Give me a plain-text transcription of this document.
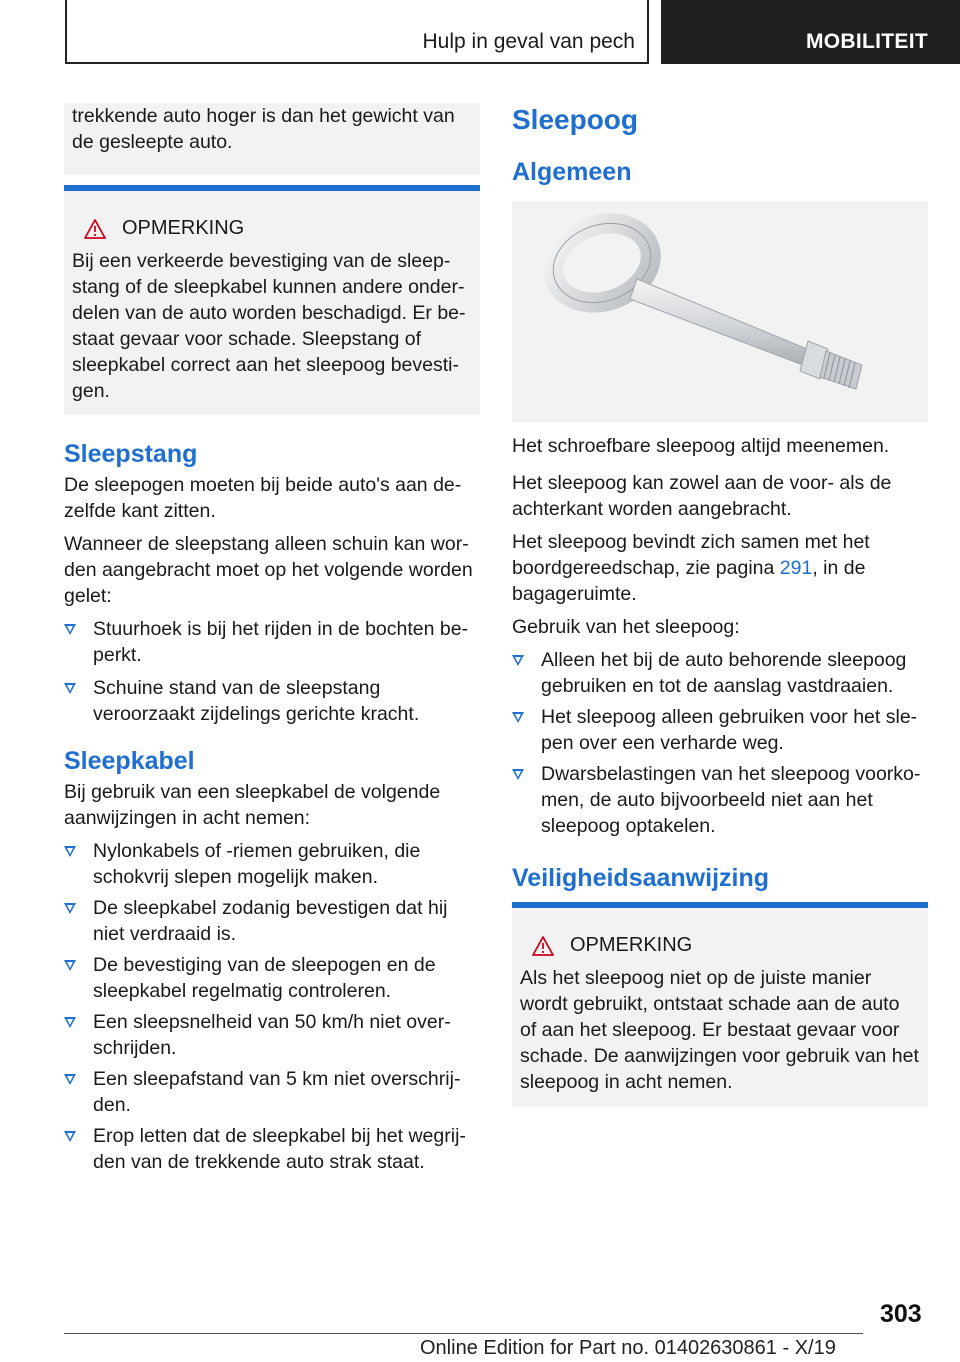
Hulp in geval van pech	MOBILITEIT

trekkende auto hoger is dan het gewicht van de gesleepte auto.

OPMERKING

Bij een verkeerde bevestiging van de sleepstang of de sleepkabel kunnen andere onderdelen van de auto worden beschadigd. Er bestaat gevaar voor schade. Sleepstang of sleepkabel correct aan het sleepoog bevestigen.

Sleepstang

De sleepogen moeten bij beide auto's aan dezelfde kant zitten.

Wanneer de sleepstang alleen schuin kan worden aangebracht moet op het volgende worden gelet:

Stuurhoek is bij het rijden in de bochten beperkt.
Schuine stand van de sleepstang veroorzaakt zijdelings gerichte kracht.
Sleepkabel

Bij gebruik van een sleepkabel de volgende aanwijzingen in acht nemen:

Nylonkabels of -riemen gebruiken, die schokvrij slepen mogelijk maken.
De sleepkabel zodanig bevestigen dat hij niet verdraaid is.
De bevestiging van de sleepogen en de sleepkabel regelmatig controleren.
Een sleepsnelheid van 50 km/h niet overschrijden.
Een sleepafstand van 5 km niet overschrijden.
Erop letten dat de sleepkabel bij het wegrijden van de trekkende auto strak staat.
Sleepoog
Algemeen

Het schroefbare sleepoog altijd meenemen.

Het sleepoog kan zowel aan de voor- als de achterkant worden aangebracht.

Het sleepoog bevindt zich samen met het boordgereedschap, zie pagina 291, in de bagageruimte.

Gebruik van het sleepoog:

Alleen het bij de auto behorende sleepoog gebruiken en tot de aanslag vastdraaien.
Het sleepoog alleen gebruiken voor het slepen over een verharde weg.
Dwarsbelastingen van het sleepoog voorkomen, de auto bijvoorbeeld niet aan het sleepoog optakelen.
Veiligheidsaanwijzing
OPMERKING

Als het sleepoog niet op de juiste manier wordt gebruikt, ontstaat schade aan de auto of aan het sleepoog. Er bestaat gevaar voor schade. De aanwijzingen voor gebruik van het sleepoog in acht nemen.

303
Online Edition for Part no. 01402630861 - X/19
